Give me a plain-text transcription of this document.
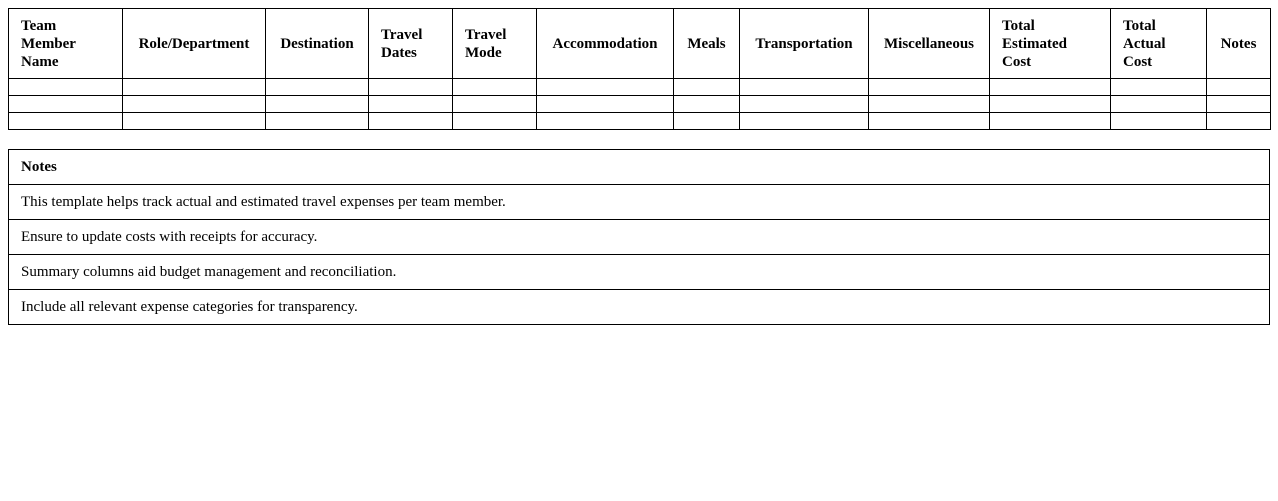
Team Member Name	Role/Department	Destination	Travel Dates	Travel Mode	Accommodation	Meals	Transportation	Miscellaneous	Total Estimated Cost	Total Actual Cost	Notes

Notes
This template helps track actual and estimated travel expenses per team member.
Ensure to update costs with receipts for accuracy.
Summary columns aid budget management and reconciliation.
Include all relevant expense categories for transparency.
